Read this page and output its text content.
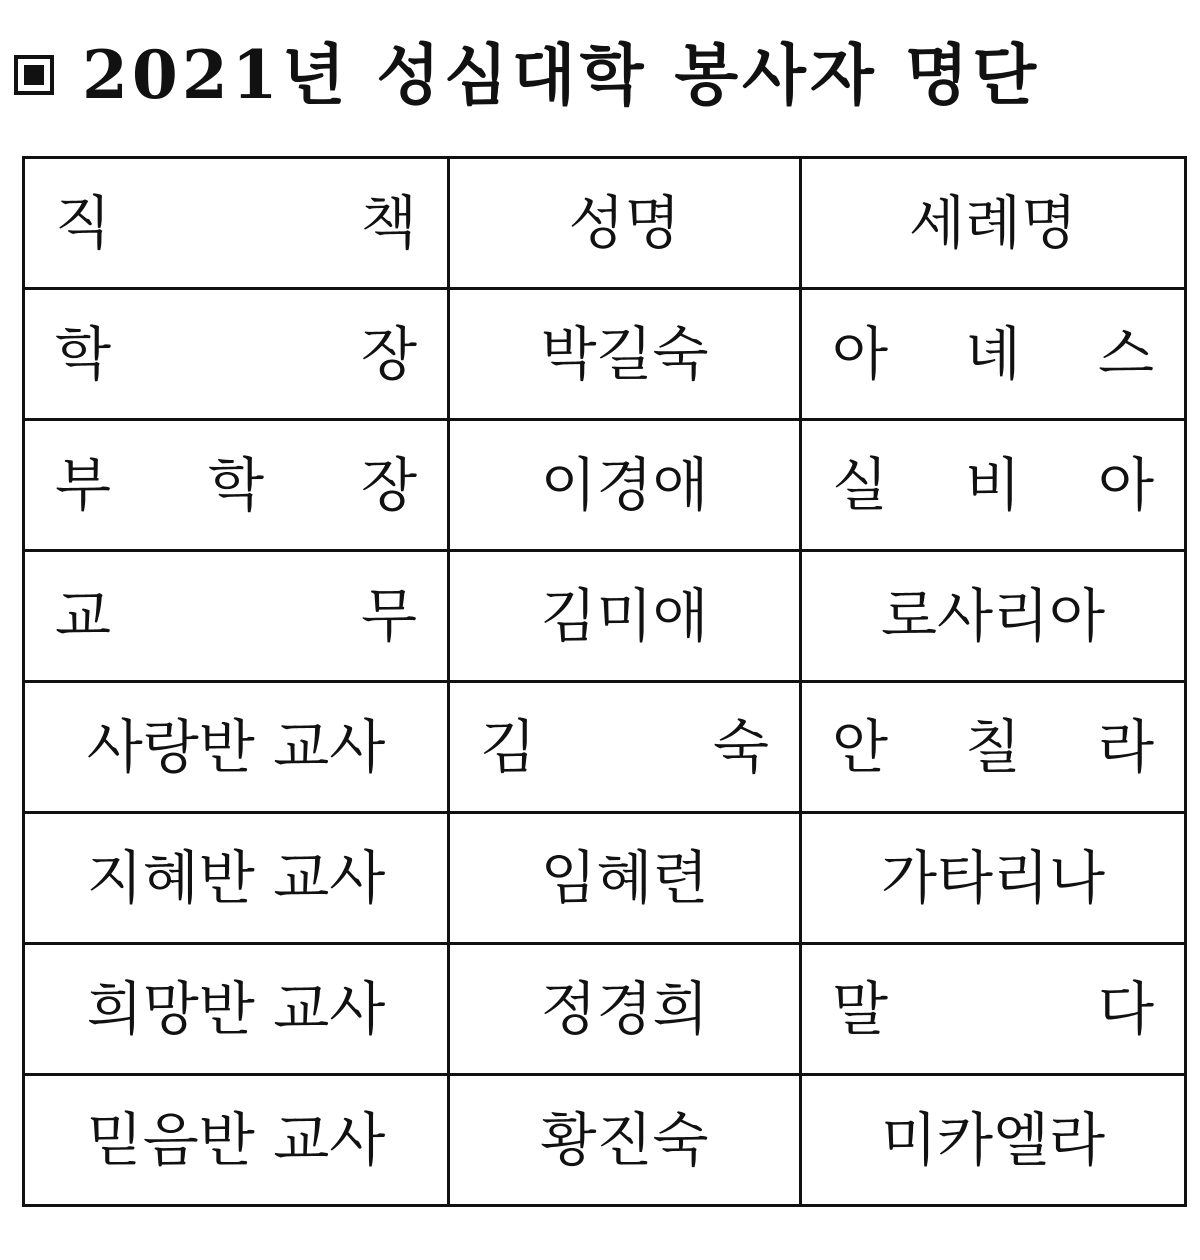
2021년 성심대학 봉사자 명단
직 책	성명	세례명

학 장	박길숙	아 녜 스

부 학 장	이경애	실 비 아

교 무	김미애	로사리아

사랑반 교사	김 숙	안 칠 라

지혜반 교사	임혜련	가타리나

희망반 교사	정경희	말 다

믿음반 교사	황진숙	미카엘라
